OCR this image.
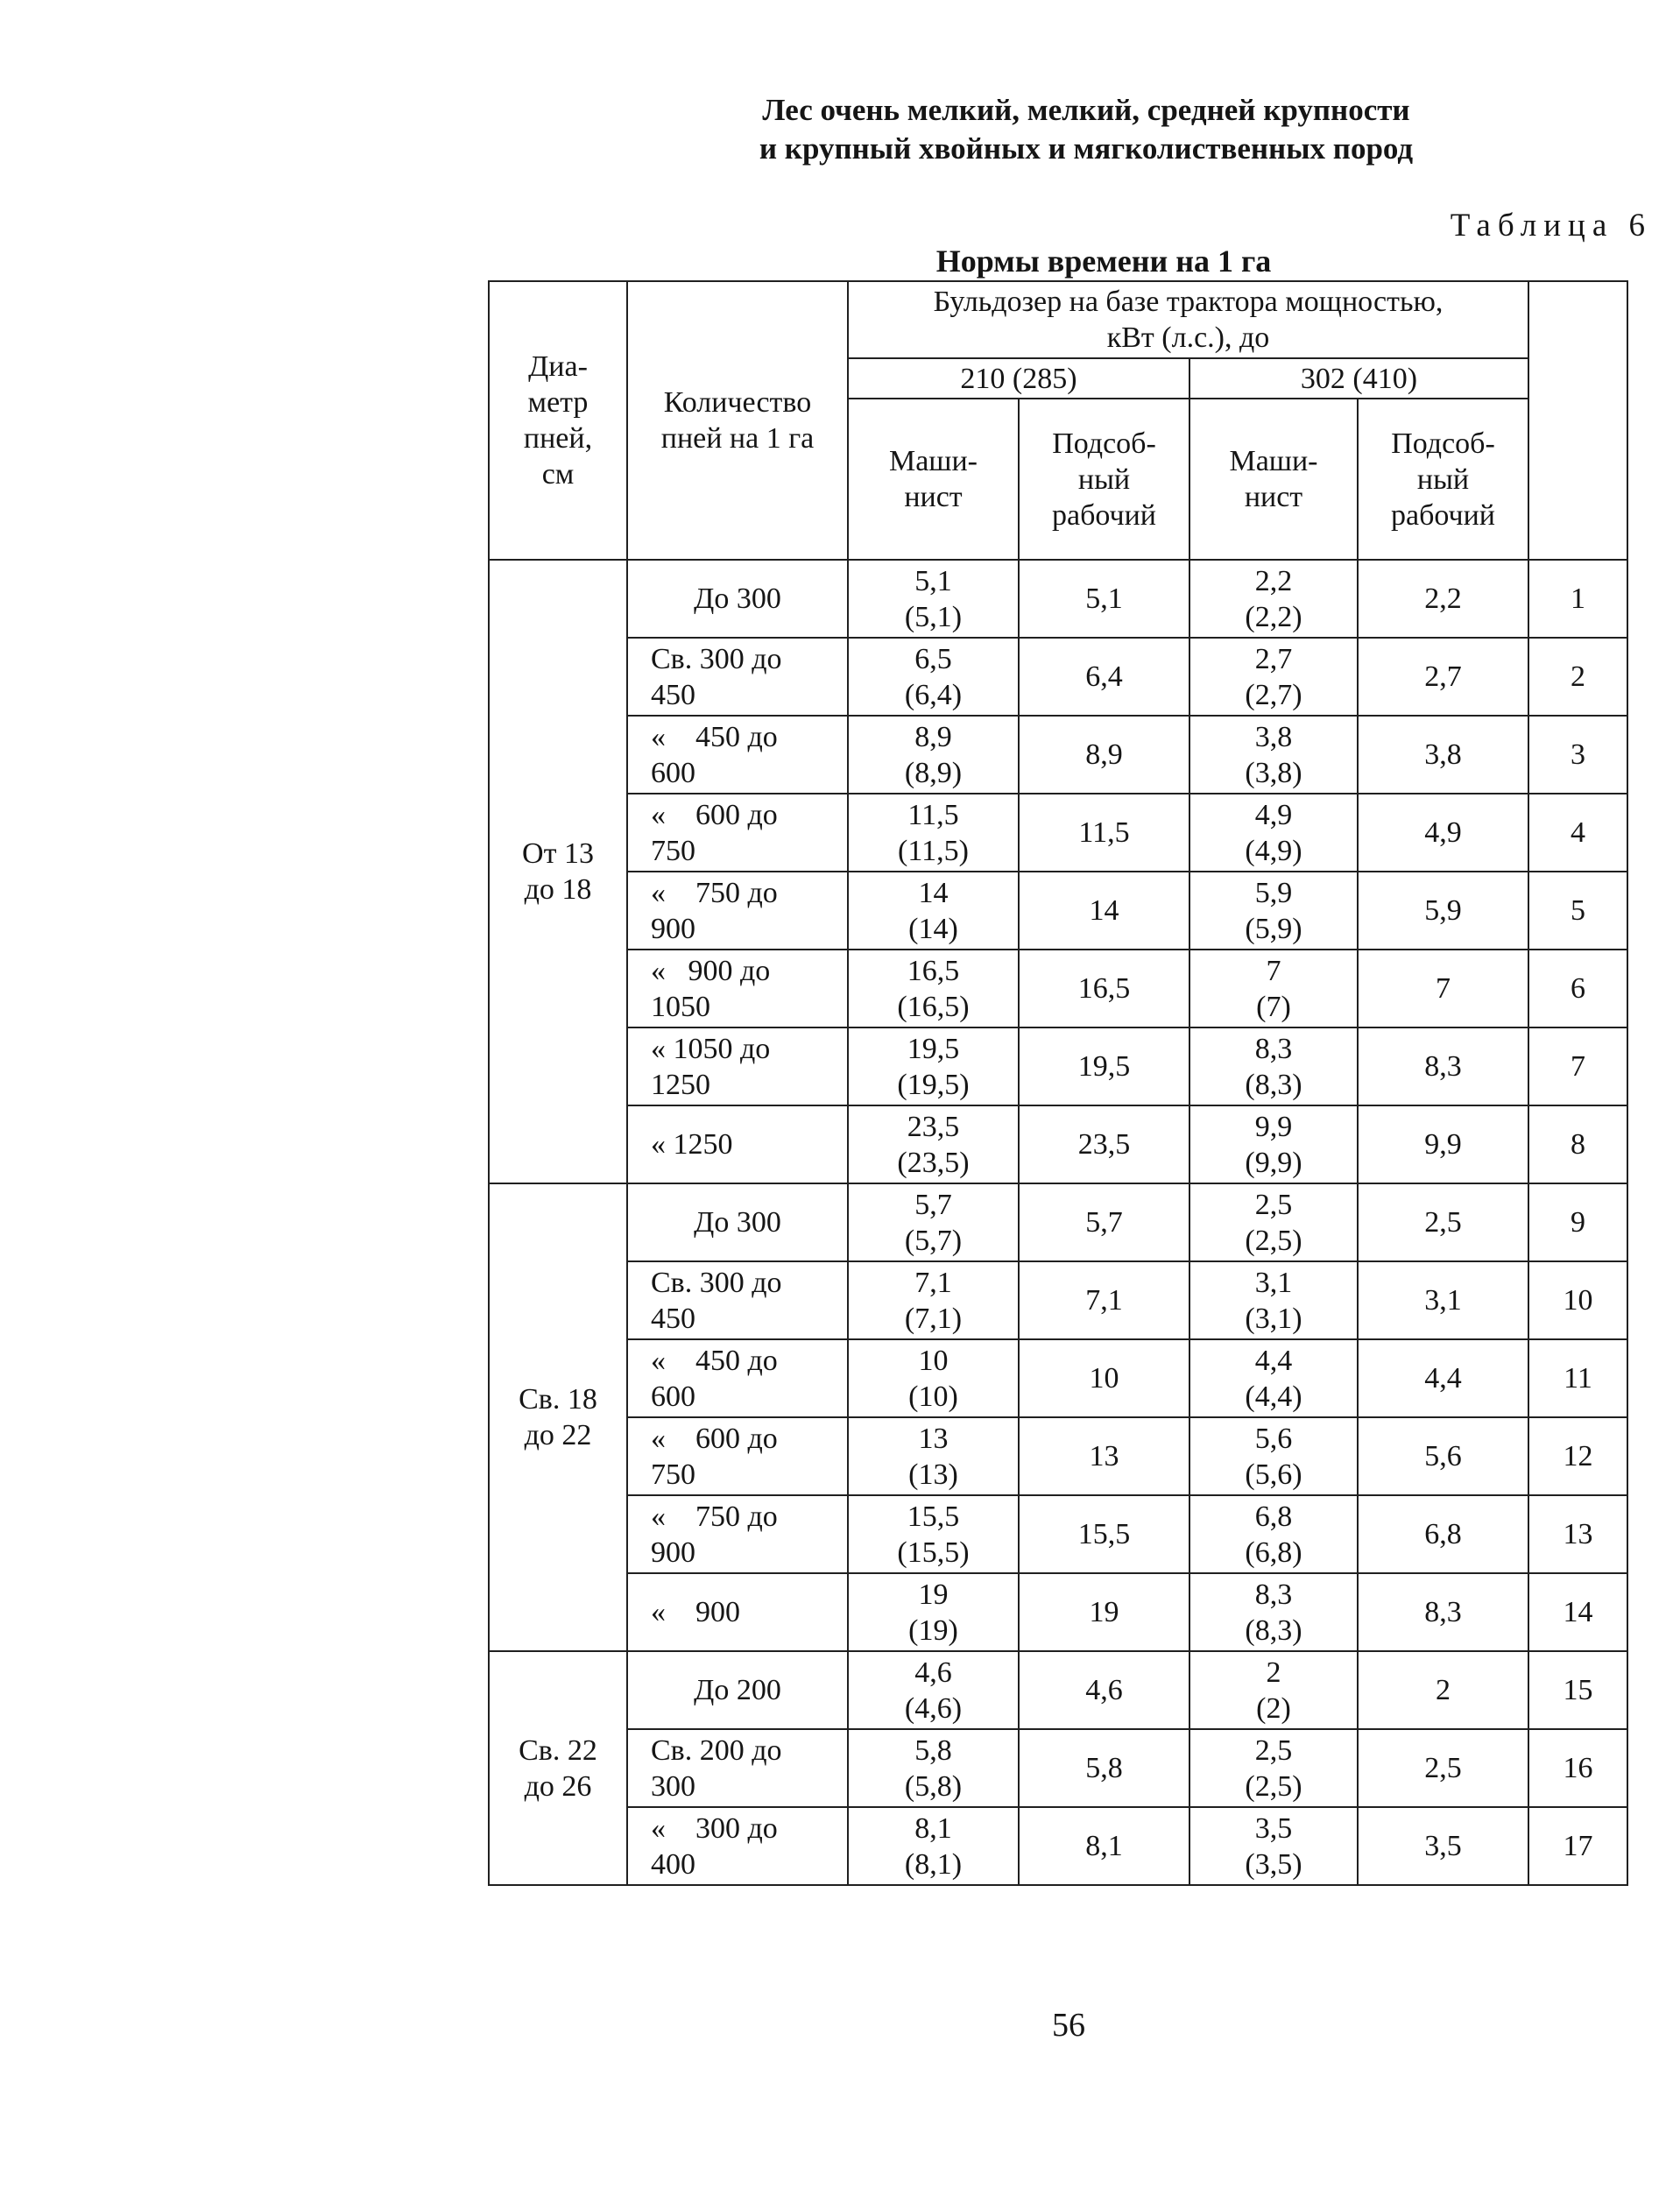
Лес очень мелкий, мелкий, средней крупности
и крупный хвойных и мягколиственных пород
Таблица 6
Нормы времени на 1 га
Диа-
метр
пней,
см	Количество
пней на 1 га	Бульдозер на базе трактора мощностью,
кВт (л.с.), до				
		210 (285)		302 (410)		
		Маши-
нист	Подсоб-
ный
рабочий	Маши-
нист	Подсоб-
ный
рабочий	
От 13
до 18	До 300	5,1
(5,1)	5,1	2,2
(2,2)	2,2	1
	Св. 300 до
450	6,5
(6,4)	6,4	2,7
(2,7)	2,7	2
	«    450 до
600	8,9
(8,9)	8,9	3,8
(3,8)	3,8	3
	«    600 до
750	11,5
(11,5)	11,5	4,9
(4,9)	4,9	4
	«    750 до
900	14
(14)	14	5,9
(5,9)	5,9	5
	«   900 до
1050	16,5
(16,5)	16,5	7
(7)	7	6
	« 1050 до
1250	19,5
(19,5)	19,5	8,3
(8,3)	8,3	7
	« 1250	23,5
(23,5)	23,5	9,9
(9,9)	9,9	8
Св. 18
до 22	До 300	5,7
(5,7)	5,7	2,5
(2,5)	2,5	9
	Св. 300 до
450	7,1
(7,1)	7,1	3,1
(3,1)	3,1	10
	«    450 до
600	10
(10)	10	4,4
(4,4)	4,4	11
	«    600 до
750	13
(13)	13	5,6
(5,6)	5,6	12
	«    750 до
900	15,5
(15,5)	15,5	6,8
(6,8)	6,8	13
	«    900	19
(19)	19	8,3
(8,3)	8,3	14
Св. 22
до 26	До 200	4,6
(4,6)	4,6	2
(2)	2	15
	Св. 200 до
300	5,8
(5,8)	5,8	2,5
(2,5)	2,5	16
	«    300 до
400	8,1
(8,1)	8,1	3,5
(3,5)	3,5	17
56
